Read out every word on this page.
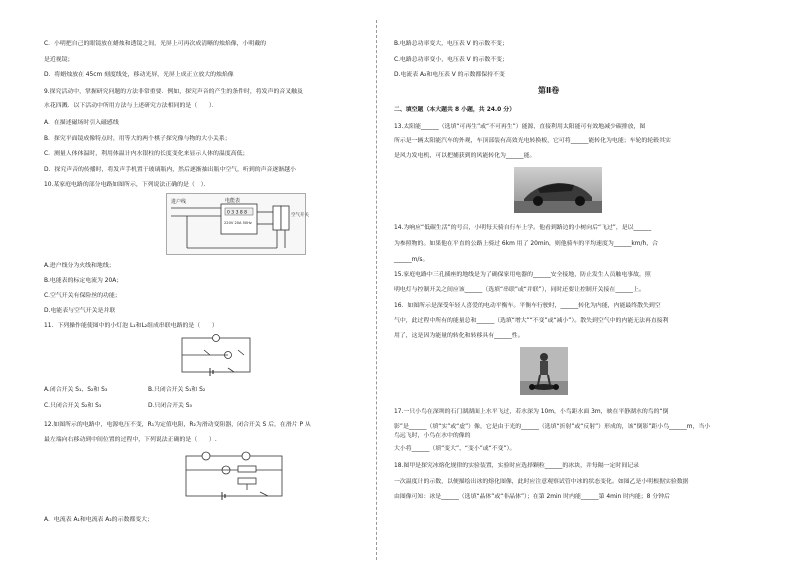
C．小明把自己的眼镜放在蜡烛和透镜之间，光屏上可再次成清晰的烛焰像，小明戴的
是近视镜；
D．将蜡烛放在 45cm 刻度线处，移动光屏，光屏上成正立放大的烛焰像
9.探究活动中，掌握研究问题的方法非常重要．例如，探究声音的产生的条件时，将发声的音叉触及
水花四溅．以下活动中所用方法与上述研究方法相同的是（　　）．
A．在描述磁场时引入磁感线
B．探究平面镜成像特点时，用等大的两个棋子探究像与物的大小关系；
C．测量人体体温时，利用体温计内水银柱的长度变化来显示人体的温度高低；
D．探究声音的传播时，将发声手机置于玻璃瓶内，然后逐渐抽出瓶中空气，听到的声音逐渐越小
10.某家庭电路的部分电路如图所示，下列说法正确的是（　）．
进户线	电能表
0 3 3 8 8
220V 20A 50Hz
空气开关
A.进户线分为火线和地线；
B.电能表的标定电流为 20A；
C.空气开关有保险丝的功能；
D.电能表与空气开关是并联
11．下列操作能使图中的小灯泡 L₁和L₂组成串联电路的是（　　）
A.闭合开关 S₁、S₂和 S₃	B.只闭合开关 S₁和 S₂
C.只闭合开关 S₂和 S₃	D.只闭合开关 S₃
12.如图所示的电路中，电源电压不变，R₁为定值电阻，R₂为滑动变阻器，闭合开关 S 后，在滑片 P 从
最左端向右移动到中间位置的过程中，下列说法正确的是（　　）.
A．电流表 A₁和电流表 A₂的示数都变大；
B.电路总功率变大，电压表 V 的示数不变；
C.电路总功率变小，电压表 V 的示数不变；
D.电流表 A₂和电压表 V 的示数都保持不变
第Ⅱ卷
二、填空题（本大题共 8 小题，共 24.0 分）
13.太阳能______（选填“可再生”或“不可再生”）能源，直接利用太阳能可有效地减少碳排放，图
所示是一辆太阳能汽车的外观，车顶部装有高效光电转换板，它可将______能转化为电能；车轮的轮毂其实
是风力发电机，可以把捕获到的风能转化为______能。
14.为响应“低碳生活”的号召，小明每天骑自行车上学。他看到路边的小树向后“飞过”，是以______
为参照物的。如果他在平直的公路上骑过 6km 用了 20min，则他骑车的平均速度为______km/h，合
______m/s。
15.家庭电路中三孔插座的地线是为了确保家用电器的______安全接地，防止发生人员触电事故，照
明电灯与控制开关之间应该______（选填“串联”或“并联”），同时还要让控制开关接在______上。
16．如图所示是深受年轻人喜爱的电动平衡车。平衡车行驶时，______转化为内能，内能最终散失到空
气中，此过程中所有的能量总和______（选填“增大”“不变”或“减小”）。散失到空气中的内能无法再直接利
用了，这是因为能量的转化和转移具有______性。
17.一只小鸟在深圳的石门湖湖面上水平飞过，若水深为 10m，小鸟距水面 3m，映在平静湖水的鸟的“倒
影”是______（填“实”或“虚”）像，它是由于光的______（选填“折射”或“反射”）形成的，该“倒影”距小鸟______m，当小鸟远飞时，小鸟在水中的像的
大小将______（填“变大”、“变小”或“不变”）。
18.图甲是探究冰熔化规律的实验装置，实验时应选择颗粒______的冰块，并每隔一定时间记录
一次温度计的示数，以便描绘出冰的熔化图像，此时应注意观察试管中冰的状态变化。如图乙是小明根据实验数据
由图像可知：冰是______（选填“晶体”或“非晶体”）；在第 2min 时内能______第 4min 时内能；8 分钟后
